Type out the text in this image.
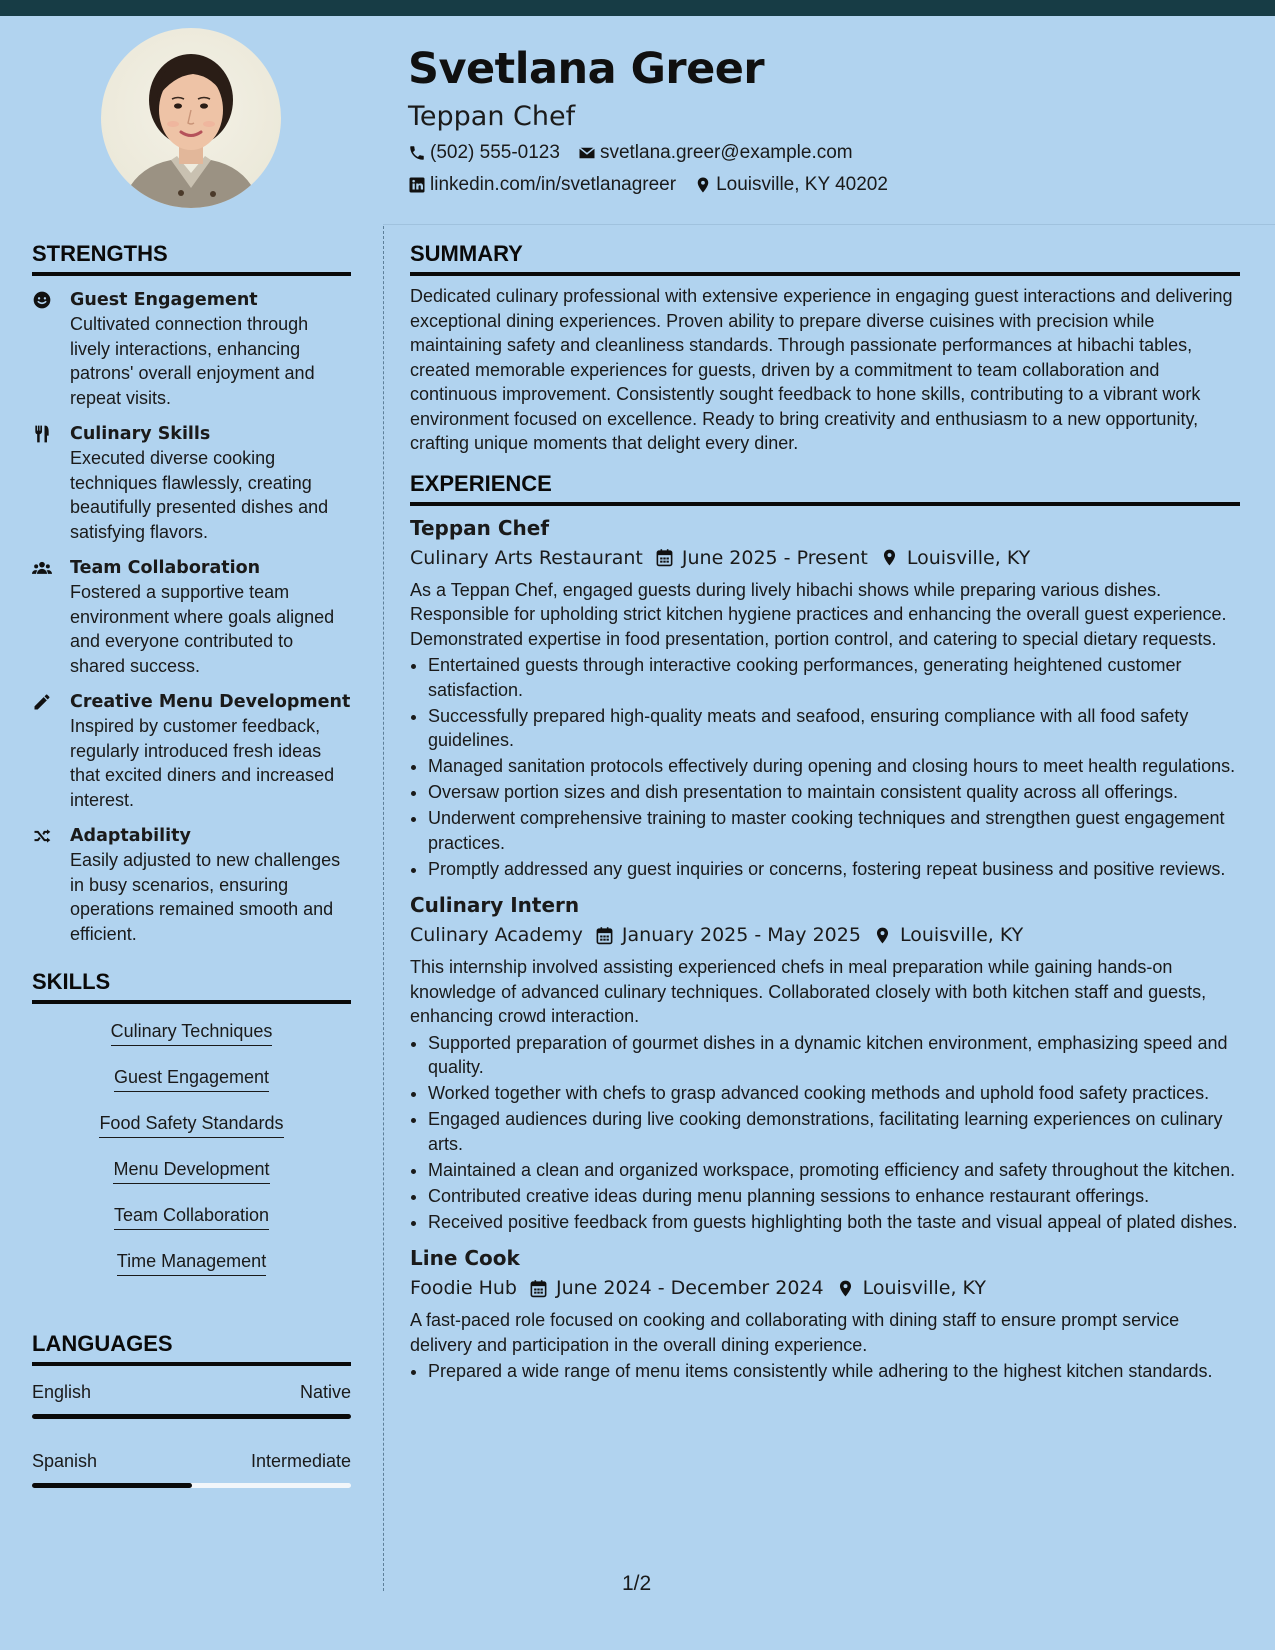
Svetlana Greer
Teppan Chef
(502) 555-0123 svetlana.greer@example.com
linkedin.com/in/svetlanagreer Louisville, KY 40202
STRENGTHS
Guest Engagement
Cultivated connection through lively interactions, enhancing patrons' overall enjoyment and repeat visits.
Culinary Skills
Executed diverse cooking techniques flawlessly, creating beautifully presented dishes and satisfying flavors.
Team Collaboration
Fostered a supportive team environment where goals aligned and everyone contributed to shared success.
Creative Menu Development
Inspired by customer feedback, regularly introduced fresh ideas that excited diners and increased interest.
Adaptability
Easily adjusted to new challenges in busy scenarios, ensuring operations remained smooth and efficient.
SKILLS
Culinary Techniques
Guest Engagement
Food Safety Standards
Menu Development
Team Collaboration
Time Management
LANGUAGES
English	Native
Spanish	Intermediate
SUMMARY
Dedicated culinary professional with extensive experience in engaging guest interactions and delivering exceptional dining experiences. Proven ability to prepare diverse cuisines with precision while maintaining safety and cleanliness standards. Through passionate performances at hibachi tables, created memorable experiences for guests, driven by a commitment to team collaboration and continuous improvement. Consistently sought feedback to hone skills, contributing to a vibrant work environment focused on excellence. Ready to bring creativity and enthusiasm to a new opportunity, crafting unique moments that delight every diner.
EXPERIENCE
Teppan Chef
Culinary Arts Restaurant June 2025 - Present Louisville, KY
As a Teppan Chef, engaged guests during lively hibachi shows while preparing various dishes. Responsible for upholding strict kitchen hygiene practices and enhancing the overall guest experience. Demonstrated expertise in food presentation, portion control, and catering to special dietary requests.
• Entertained guests through interactive cooking performances, generating heightened customer satisfaction.
• Successfully prepared high-quality meats and seafood, ensuring compliance with all food safety guidelines.
• Managed sanitation protocols effectively during opening and closing hours to meet health regulations.
• Oversaw portion sizes and dish presentation to maintain consistent quality across all offerings.
• Underwent comprehensive training to master cooking techniques and strengthen guest engagement practices.
• Promptly addressed any guest inquiries or concerns, fostering repeat business and positive reviews.
Culinary Intern
Culinary Academy January 2025 - May 2025 Louisville, KY
This internship involved assisting experienced chefs in meal preparation while gaining hands-on knowledge of advanced culinary techniques. Collaborated closely with both kitchen staff and guests, enhancing crowd interaction.
• Supported preparation of gourmet dishes in a dynamic kitchen environment, emphasizing speed and quality.
• Worked together with chefs to grasp advanced cooking methods and uphold food safety practices.
• Engaged audiences during live cooking demonstrations, facilitating learning experiences on culinary arts.
• Maintained a clean and organized workspace, promoting efficiency and safety throughout the kitchen.
• Contributed creative ideas during menu planning sessions to enhance restaurant offerings.
• Received positive feedback from guests highlighting both the taste and visual appeal of plated dishes.
Line Cook
Foodie Hub June 2024 - December 2024 Louisville, KY
A fast-paced role focused on cooking and collaborating with dining staff to ensure prompt service delivery and participation in the overall dining experience.
• Prepared a wide range of menu items consistently while adhering to the highest kitchen standards.
1/2
